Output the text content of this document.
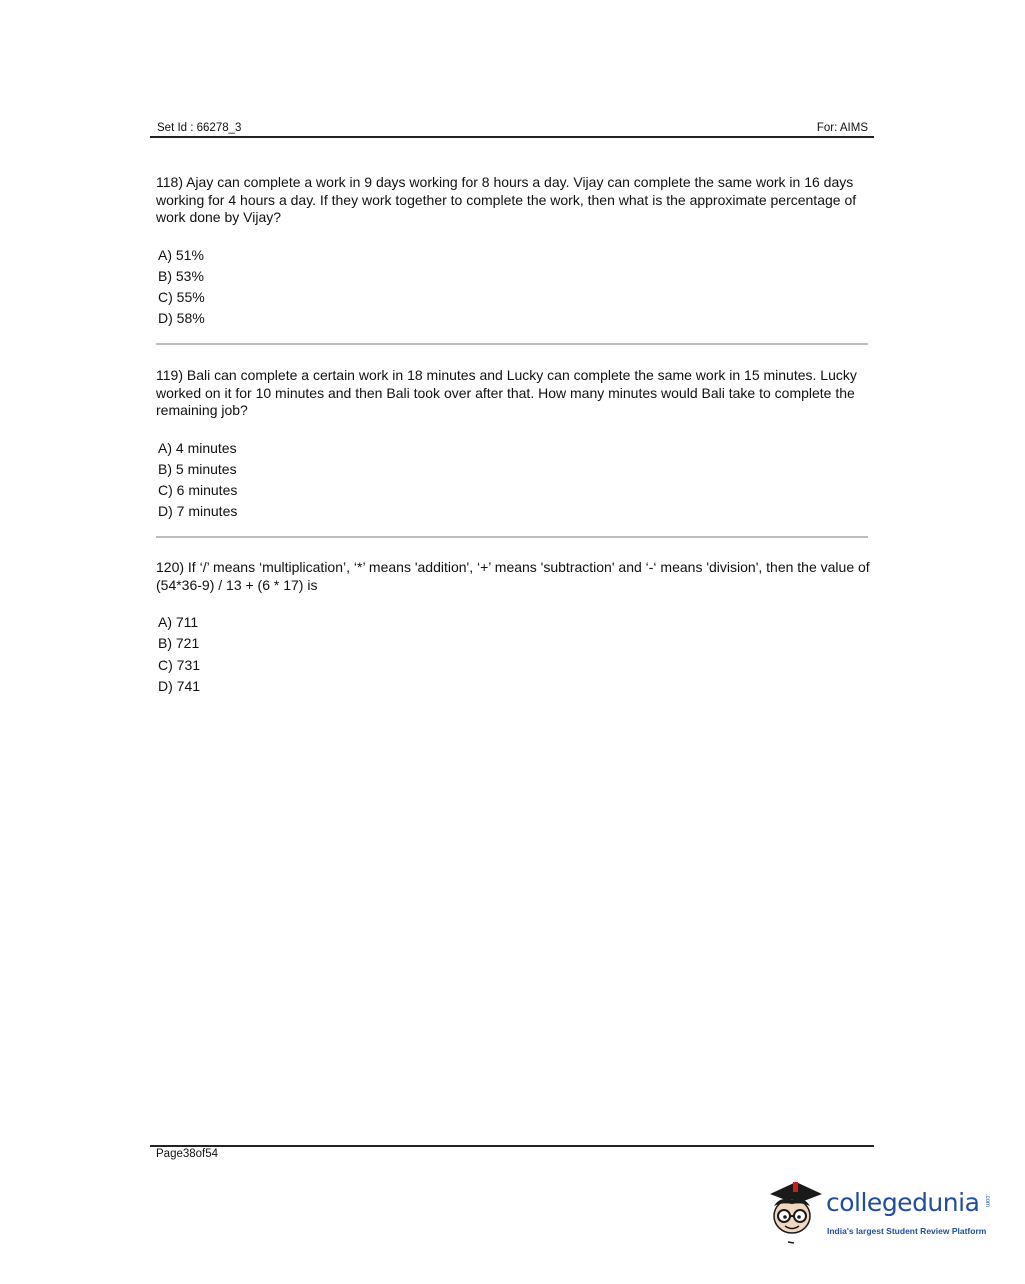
Set Id : 66278_3	For: AIMS

118) Ajay can complete a work in 9 days working for 8 hours a day. Vijay can complete the same work in 16 days working for 4 hours a day. If they work together to complete the work, then what is the approximate percentage of work done by Vijay?

A) 51%
B) 53%
C) 55%
D) 58%

119) Bali can complete a certain work in 18 minutes and Lucky can complete the same work in 15 minutes. Lucky worked on it for 10 minutes and then Bali took over after that. How many minutes would Bali take to complete the remaining job?

A) 4 minutes
B) 5 minutes
C) 6 minutes
D) 7 minutes

120) If ‘/’ means ‘multiplication’, ‘*’ means 'addition', ‘+’ means 'subtraction' and ‘-‘ means 'division', then the value of (54*36-9) / 13 + (6 * 17) is

A) 711
B) 721
C) 731
D) 741
Page38of54
collegedunia .com
India's largest Student Review Platform
